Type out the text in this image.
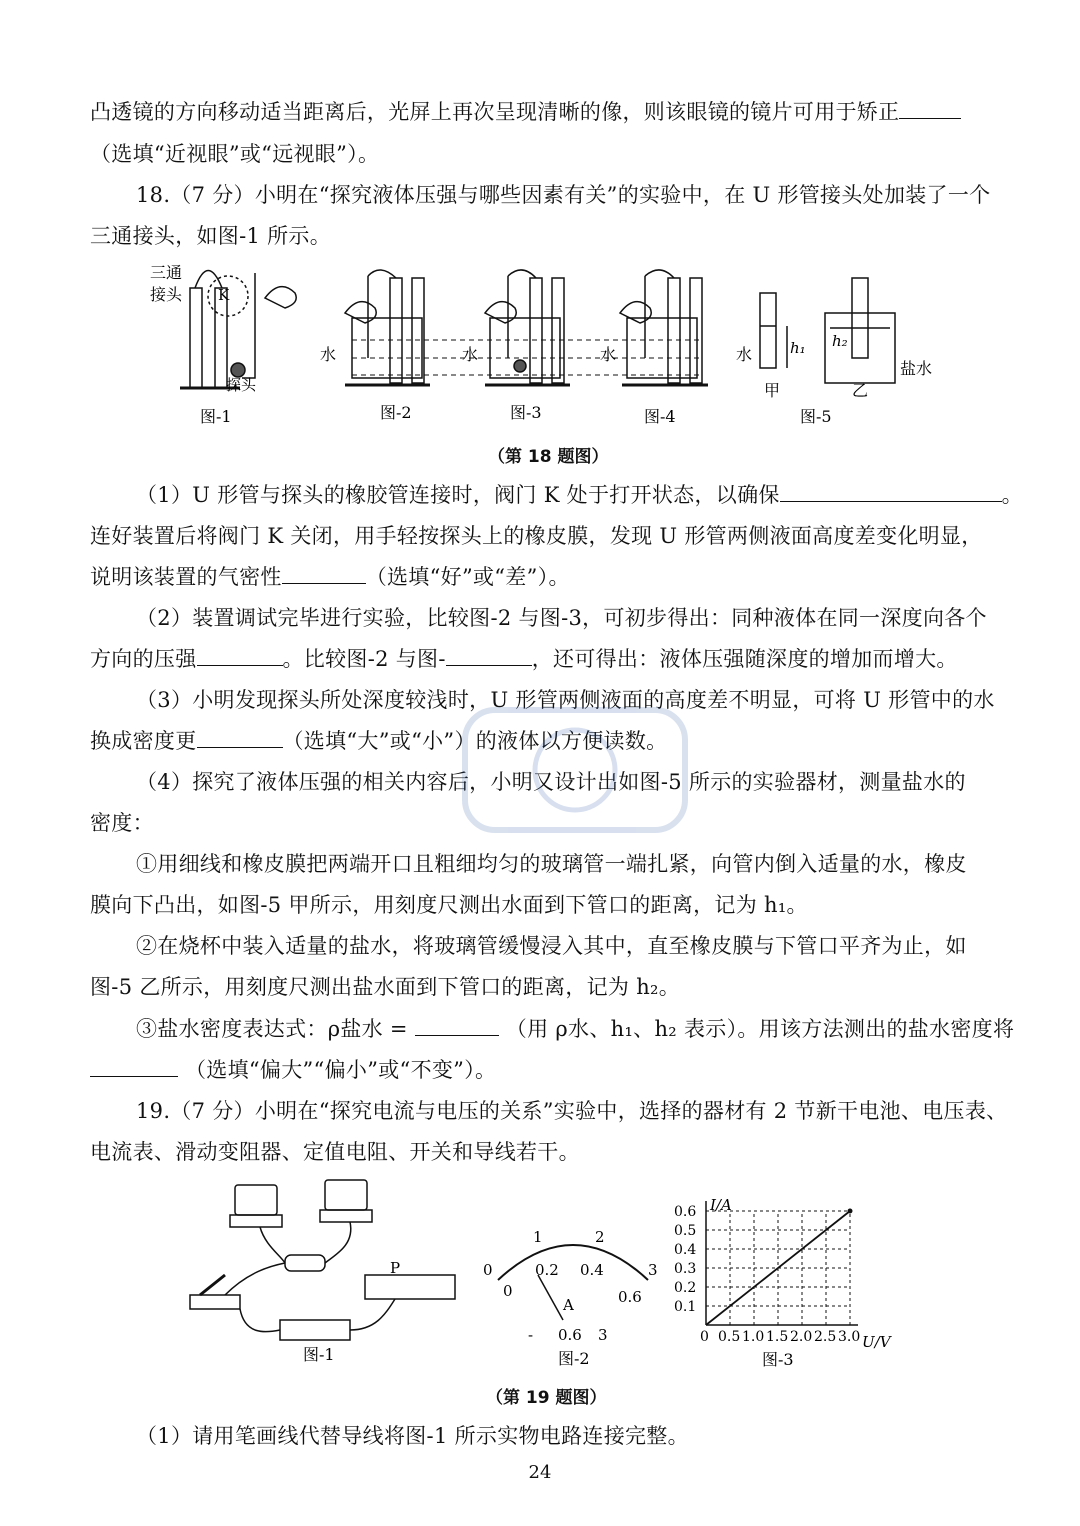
凸透镜的方向移动适当距离后，光屏上再次呈现清晰的像，则该眼镜的镜片可用于矫正
（选填“近视眼”或“远视眼”）。
18.（7 分）小明在“探究液体压强与哪些因素有关”的实验中，在 U 形管接头处加装了一个
三通接头，如图-1 所示。
三通
接头 K
探头
水	水	水	水	h₁ h₂
甲	乙
盐水
图-1	图-2	图-3	图-4	图-5
（第 18 题图）
（1）U 形管与探头的橡胶管连接时，阀门 K 处于打开状态，以确保	。
连好装置后将阀门 K 关闭，用手轻按探头上的橡皮膜，发现 U 形管两侧液面高度差变化明显，
说明该装置的气密性	（选填“好”或“差”）。
（2）装置调试完毕进行实验，比较图-2 与图-3，可初步得出：同种液体在同一深度向各个
方向的压强	。比较图-2 与图-	，还可得出：液体压强随深度的增加而增大。
（3）小明发现探头所处深度较浅时，U 形管两侧液面的高度差不明显，可将 U 形管中的水
换成密度更	（选填“大”或“小”）的液体以方便读数。
（4）探究了液体压强的相关内容后，小明又设计出如图-5 所示的实验器材，测量盐水的
密度：
①用细线和橡皮膜把两端开口且粗细均匀的玻璃管一端扎紧，向管内倒入适量的水，橡皮
膜向下凸出，如图-5 甲所示，用刻度尺测出水面到下管口的距离，记为 h₁。
②在烧杯中装入适量的盐水，将玻璃管缓慢浸入其中，直至橡皮膜与下管口平齐为止，如
图-5 乙所示，用刻度尺测出盐水面到下管口的距离，记为 h₂。
③盐水密度表达式：ρ盐水 =	（用 ρ水、h₁、h₂ 表示）。用该方法测出的盐水密度将
（选填“偏大”“偏小”或“不变”）。
19.（7 分）小明在“探究电流与电压的关系”实验中，选择的器材有 2 节新干电池、电压表、
电流表、滑动变阻器、定值电阻、开关和导线若干。
P
图-1
0
1	2
3
0
0.2 0.4
0.6
A
- 0.6 3
图-2
0 0.5 1.0 1.5 2.0 2.5 3.0
0.1
0.2
0.3
0.4
0.5
0.6 I/A
U/V
图-3
（第 19 题图）
（1）请用笔画线代替导线将图-1 所示实物电路连接完整。
24
